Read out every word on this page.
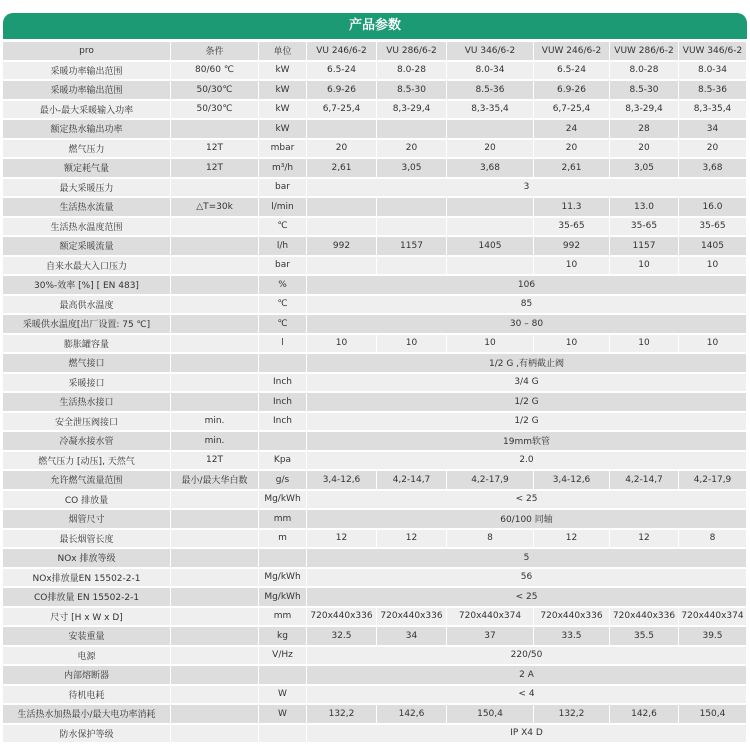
产品参数
pro	条件	单位	VU 246/6-2	VU 286/6-2	VU 346/6-2	VUW 246/6-2	VUW 286/6-2	VUW 346/6-2
采暖功率输出范围	80/60 ℃	kW	6.5-24	8.0-28	8.0-34	6.5-24	8.0-28	8.0-34
采暖功率输出范围	50/30℃	kW	6.9-26	8.5-30	8.5-36	6.9-26	8.5-30	8.5-36
最小-最大采暖输入功率	50/30℃	kW	6,7-25,4	8,3-29,4	8,3-35,4	6,7-25,4	8,3-29,4	8,3-35,4
额定热水输出功率		kW				24	28	34
燃气压力	12T	mbar	20	20	20	20	20	20
额定耗气量	12T	m³/h	2,61	3,05	3,68	2,61	3,05	3,68
最大采暖压力		bar	3					
生活热水流量	△T=30k	l/min				11.3	13.0	16.0
生活热水温度范围		℃				35-65	35-65	35-65
额定采暖流量		l/h	992	1157	1405	992	1157	1405
自来水最大入口压力		bar				10	10	10
30%-效率 [%] [ EN 483]		%	106					
最高供水温度		℃	85					
采暖供水温度[出厂设置: 75 ℃]		℃	30 – 80					
膨胀罐容量		l	10	10	10	10	10	10
燃气接口			1/2 G ,有柄截止阀					
采暖接口		Inch	3/4 G					
生活热水接口		Inch	1/2 G					
安全泄压阀接口	min.	Inch	1/2 G					
冷凝水接水管	min.		19mm软管					
燃气压力 [动压], 天然气	12T	Kpa	2.0					
允许燃气流量范围	最小/最大华白数	g/s	3,4-12,6	4,2-14,7	4,2-17,9	3,4-12,6	4,2-14,7	4,2-17,9
CO 排放量		Mg/kWh	< 25					
烟管尺寸		mm	60/100 同轴					
最长烟管长度		m	12	12	8	12	12	8
NOx 排放等级			5					
NOx排放量EN 15502-2-1		Mg/kWh	56					
CO排放量 EN 15502-2-1		Mg/kWh	< 25					
尺寸 [H x W x D]		mm	720x440x336	720x440x336	720x440x374	720x440x336	720x440x336	720x440x374
安装重量		kg	32.5	34	37	33.5	35.5	39.5
电源		V/Hz	220/50					
内部熔断器			2 A					
待机电耗		W	< 4					
生活热水加热最小/最大电功率消耗		W	132,2	142,6	150,4	132,2	142,6	150,4
防水保护等级			IP X4 D					
